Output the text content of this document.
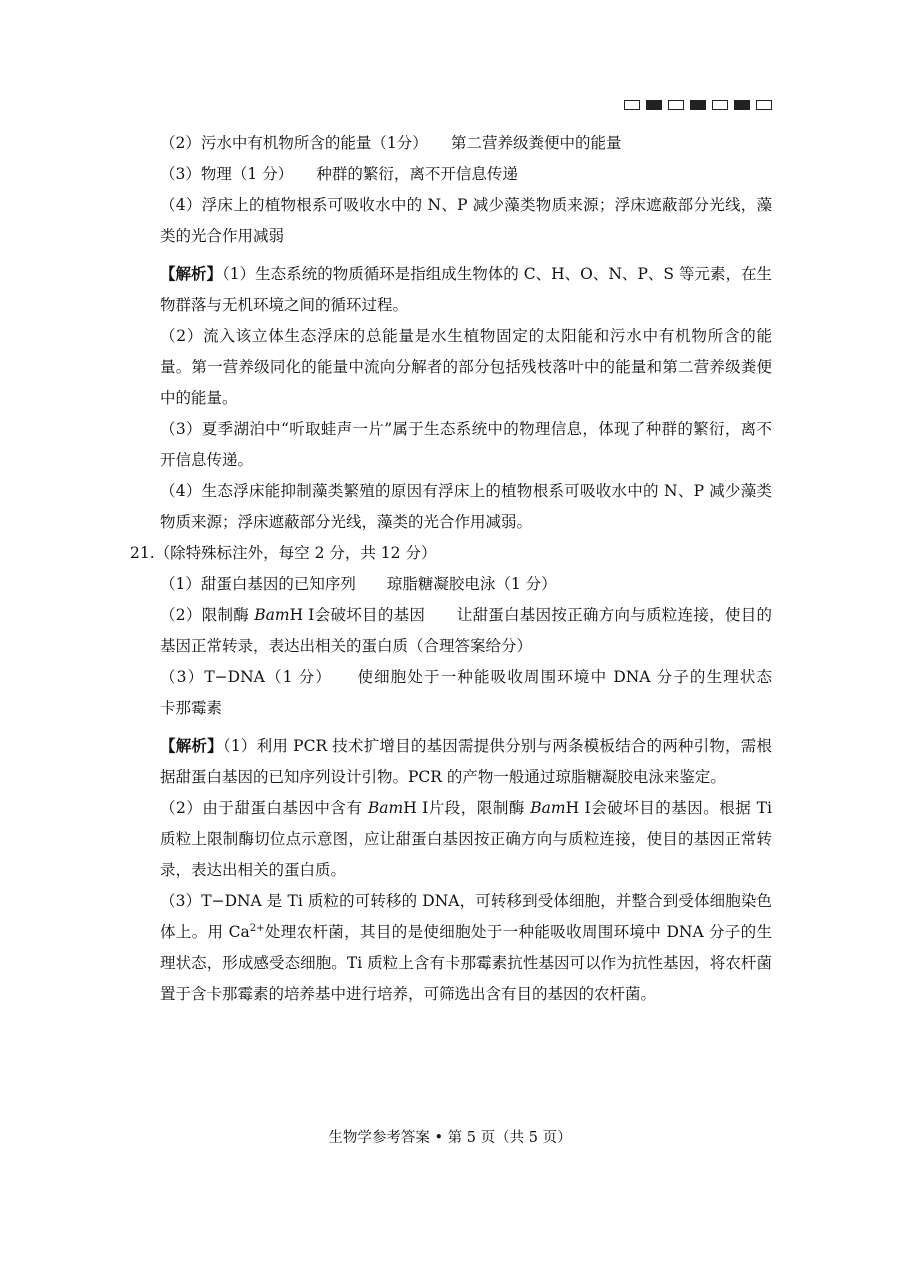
（2）污水中有机物所含的能量（1分）　　第二营养级粪便中的能量

（3）物理（1 分）　　种群的繁衍，离不开信息传递

（4）浮床上的植物根系可吸收水中的 N、P 减少藻类物质来源；浮床遮蔽部分光线，藻类的光合作用减弱

【解析】（1）生态系统的物质循环是指组成生物体的 C、H、O、N、P、S 等元素，在生物群落与无机环境之间的循环过程。

（2）流入该立体生态浮床的总能量是水生植物固定的太阳能和污水中有机物所含的能量。第一营养级同化的能量中流向分解者的部分包括残枝落叶中的能量和第二营养级粪便中的能量。

（3）夏季湖泊中“听取蛙声一片”属于生态系统中的物理信息，体现了种群的繁衍，离不开信息传递。

（4）生态浮床能抑制藻类繁殖的原因有浮床上的植物根系可吸收水中的 N、P 减少藻类物质来源；浮床遮蔽部分光线，藻类的光合作用减弱。

21.（除特殊标注外，每空 2 分，共 12 分）

（1）甜蛋白基因的已知序列　　琼脂糖凝胶电泳（1 分）

（2）限制酶 BamH Ⅰ会破坏目的基因　　让甜蛋白基因按正确方向与质粒连接，使目的基因正常转录，表达出相关的蛋白质（合理答案给分）

（3）T−DNA（1 分）　　使细胞处于一种能吸收周围环境中 DNA 分子的生理状态　　卡那霉素

【解析】（1）利用 PCR 技术扩增目的基因需提供分别与两条模板结合的两种引物，需根据甜蛋白基因的已知序列设计引物。PCR 的产物一般通过琼脂糖凝胶电泳来鉴定。

（2）由于甜蛋白基因中含有 BamH Ⅰ片段，限制酶 BamH Ⅰ会破坏目的基因。根据 Ti 质粒上限制酶切位点示意图，应让甜蛋白基因按正确方向与质粒连接，使目的基因正常转录，表达出相关的蛋白质。

（3）T−DNA 是 Ti 质粒的可转移的 DNA，可转移到受体细胞，并整合到受体细胞染色体上。用 $Ca^{2+}$处理农杆菌，其目的是使细胞处于一种能吸收周围环境中 DNA 分子的生理状态，形成感受态细胞。Ti 质粒上含有卡那霉素抗性基因可以作为抗性基因，将农杆菌置于含卡那霉素的培养基中进行培养，可筛选出含有目的基因的农杆菌。

生物学参考答案 • 第 5 页（共 5 页）
